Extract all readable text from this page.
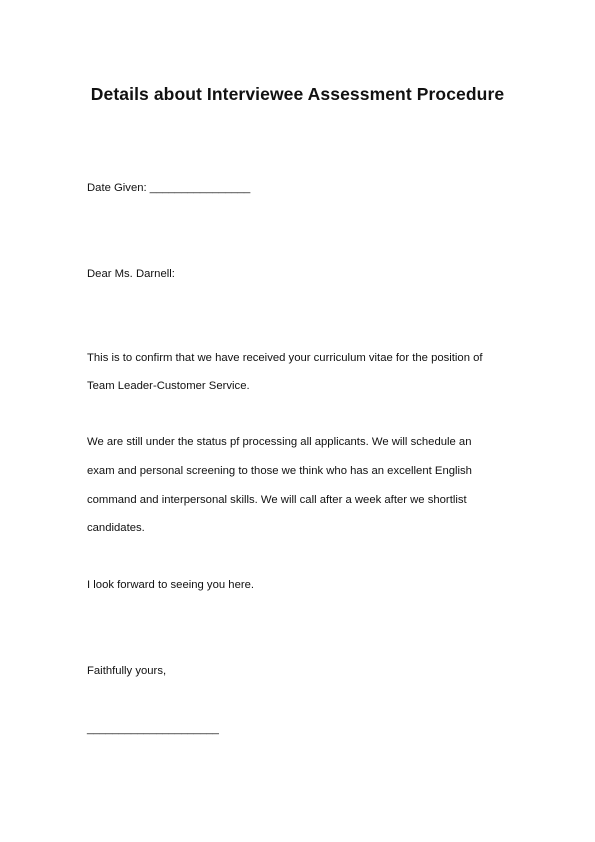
Details about Interviewee Assessment Procedure
Date Given: ________________
Dear Ms. Darnell:
This is to confirm that we have received your curriculum vitae for the position of
Team Leader-Customer Service.
We are still under the status pf processing all applicants. We will schedule an
exam and personal screening to those we think who has an excellent English
command and interpersonal skills. We will call after a week after we shortlist
candidates.
I look forward to seeing you here.
Faithfully yours,
_____________________
